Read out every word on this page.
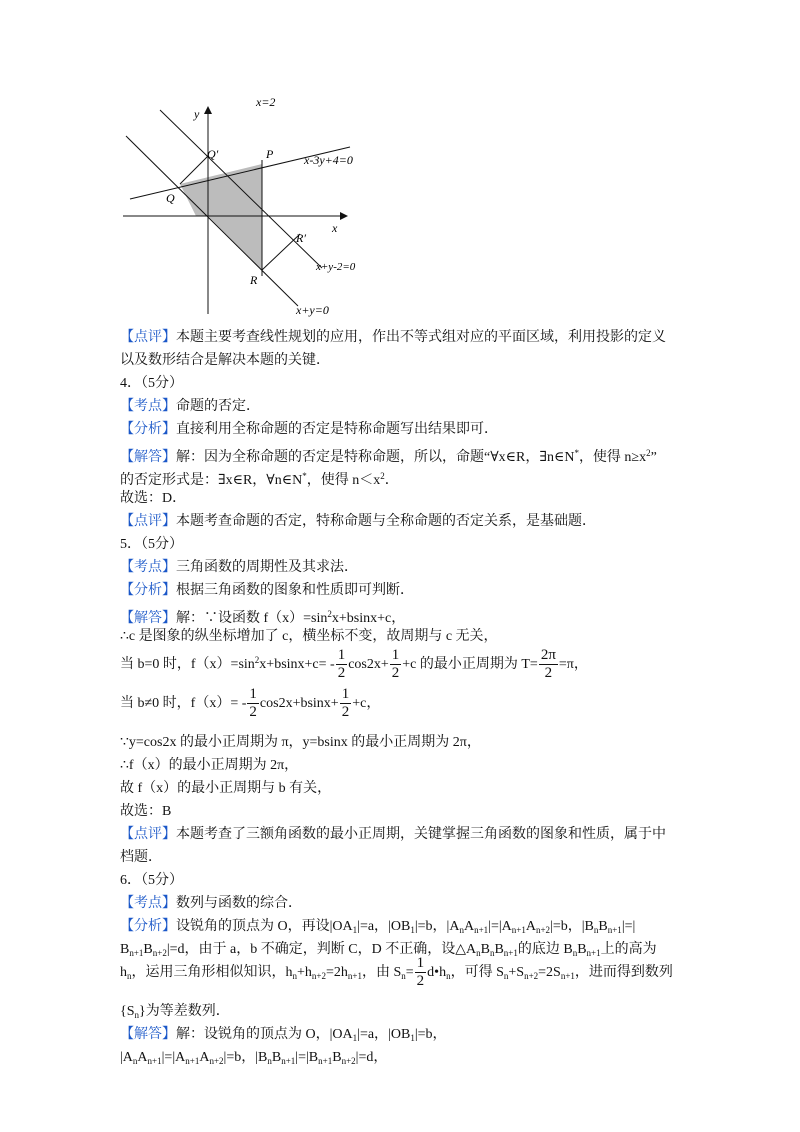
y
x
x=2
x-3y+4=0
x+y-2=0
x+y=0
Q
Q′	P
R
R′
【点评】本题主要考查线性规划的应用，作出不等式组对应的平面区域，利用投影的定义
以及数形结合是解决本题的关键．
4．（5分）
【考点】命题的否定．
【分析】直接利用全称命题的否定是特称命题写出结果即可．
【解答】解：因为全称命题的否定是特称命题，所以，命题“∀x∈R，∃n∈N*，使得 $n\ge x^2$”
的否定形式是：∃x∈R，∀n∈N*，使得 $n<x^2$．
故选：D．
【点评】本题考查命题的否定，特称命题与全称命题的否定关系，是基础题．
5．（5分）
【考点】三角函数的周期性及其求法．
【分析】根据三角函数的图象和性质即可判断．
【解答】解：∵设函数 $f(x)=\sin^2x+bsinx+c$，
∴c 是图象的纵坐标增加了 c，横坐标不变，故周期与 c 无关，
当 b=0 时，$f(x)=\sin^2x+bsinx+c= - \frac{1}{2} \cos 2x+ \frac{1}{2} +c$ 的最小正周期为 $T= \frac{2\pi}{2} =\pi$，
当 b≠0 时，$f(x)= - \frac{1}{2} \cos 2x+bsinx+ \frac{1}{2} +c$，
∵y=cos2x 的最小正周期为 π，y=bsinx 的最小正周期为 2π，
∴f（x）的最小正周期为 2π，
故 f（x）的最小正周期与 b 有关，
故选：B
【点评】本题考查了三额角函数的最小正周期，关键掌握三角函数的图象和性质，属于中
档题．
6．（5分）
【考点】数列与函数的综合．
【分析】设锐角的顶点为 O，再设$|OA_1|=a$，$|OB_1|=b$，$|A_nA_{n+1}|=|A_{n+1}A_{n+2}|=b$，$|B_nB_{n+1}|=|$
$B_{n+1}B_{n+2}|=d$，由于 a，b 不确定，判断 C，D 不正确，设$\triangle A_nB_nB_{n+1}$的底边 $B_nB_{n+1}$上的高为
$h_n$，运用三角形相似知识，$h_n+h_{n+2}=2h_{n+1}$，由 $S_n= \frac{1}{2}$ $d•h_n$，可得 $S_n+S_{n+2}=2S_{n+1}$，进而得到数列
$\{S_n\}$为等差数列．
【解答】解：设锐角的顶点为 O，$|OA_1|=a$，$|OB_1|=b$，
$|A_nA_{n+1}|=|A_{n+1}A_{n+2}|=b$，$|B_nB_{n+1}|=|B_{n+1}B_{n+2}|=d$，
